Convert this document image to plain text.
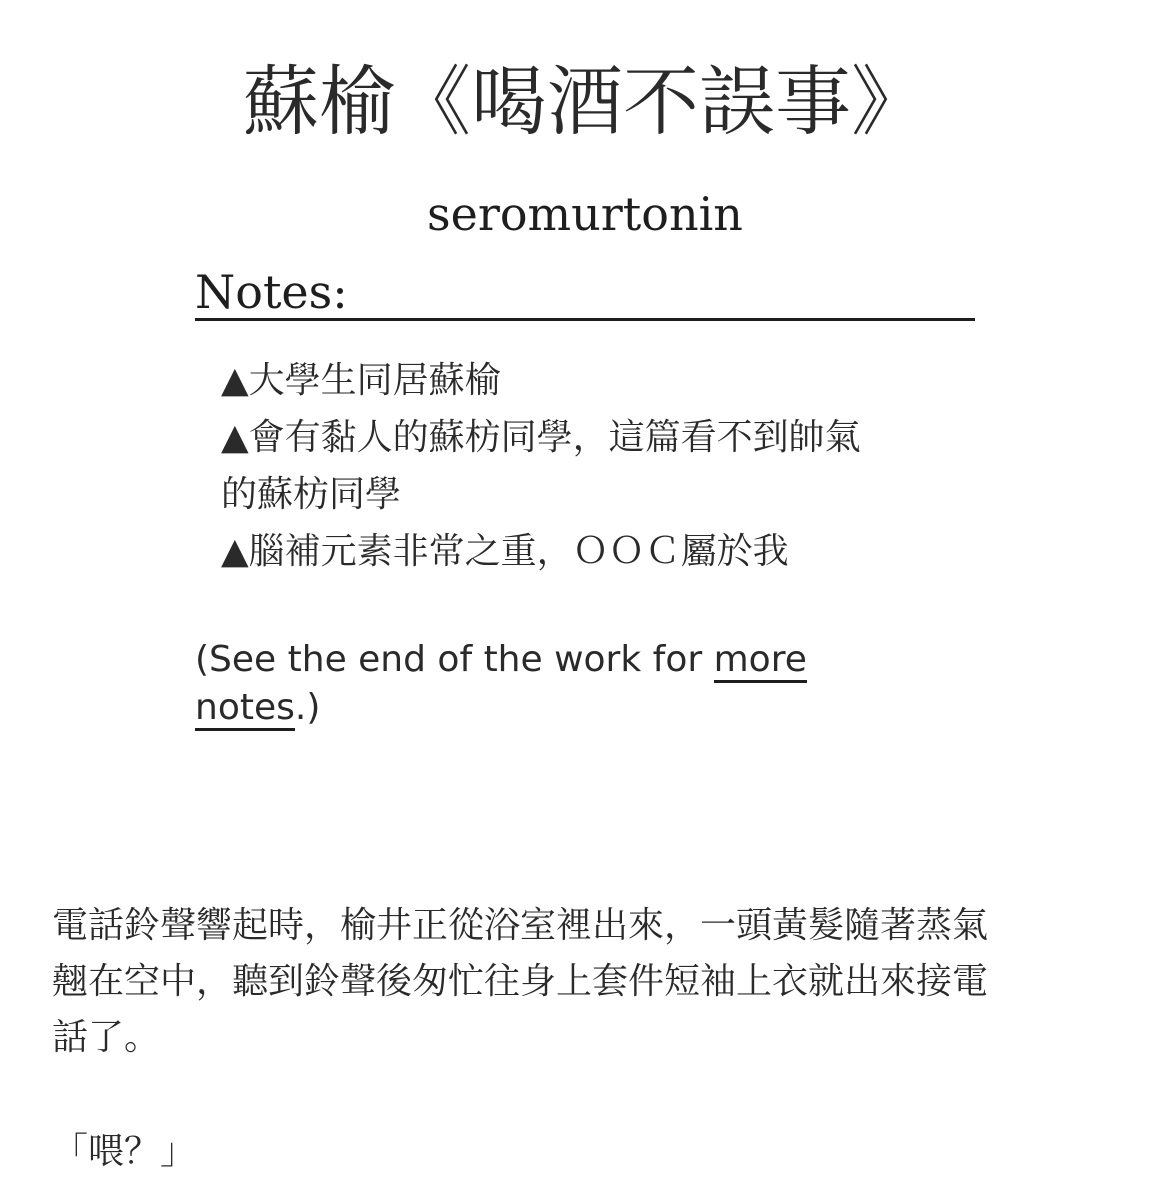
蘇榆《喝酒不誤事》
seromurtonin
Notes:
▲大學生同居蘇榆
▲會有黏人的蘇枋同學，這篇看不到帥氣
的蘇枋同學
▲腦補元素非常之重，ＯＯＣ屬於我
(See the end of the work for more
notes.)
電話鈴聲響起時，榆井正從浴室裡出來，一頭黃髮隨著蒸氣
翹在空中，聽到鈴聲後匆忙往身上套件短袖上衣就出來接電
話了。
「喂？」
